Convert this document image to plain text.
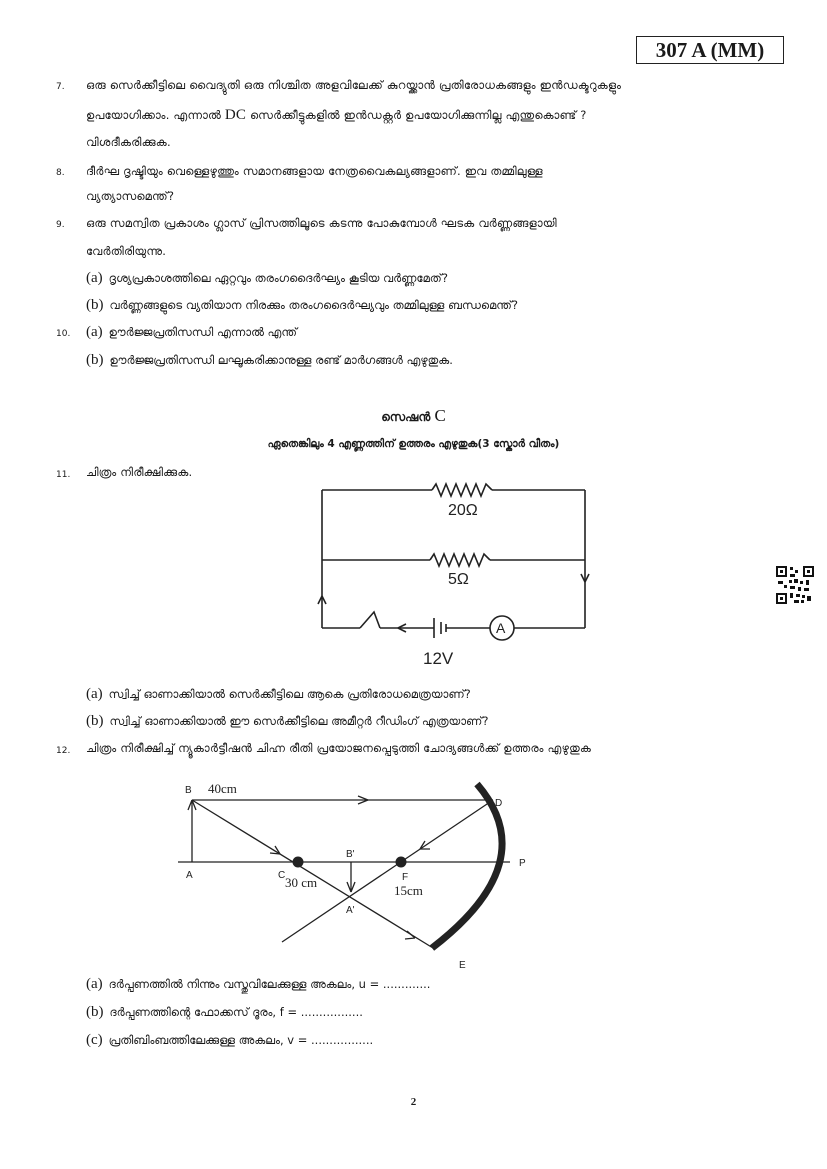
307 A (MM)
7. ഒരു സെർക്കീട്ടിലെ വൈദ്യുതി ഒരു നിശ്ചിത അളവിലേക്ക് കുറയ്ക്കാൻ പ്രതിരോധകങ്ങളും ഇൻഡക്ടറുകളും
ഉപയോഗിക്കാം. എന്നാൽ DC സെർക്കീട്ടുകളിൽ ഇൻഡക്റ്റർ ഉപയോഗിക്കുന്നില്ല എന്തുകൊണ്ട് ?
വിശദീകരിക്കുക.
8. ദീർഘ ദൃഷ്ടിയും വെള്ളെഴുത്തും സമാനങ്ങളായ നേത്രവൈകല്യങ്ങളാണ്. ഇവ തമ്മിലുള്ള
വ്യത്യാസമെന്ത്?
9. ഒരു സമന്വിത പ്രകാശം ഗ്ലാസ് പ്രിസത്തിലൂടെ കടന്നു പോകുമ്പോൾ ഘടക വർണ്ണങ്ങളായി
വേർതിരിയുന്നു.
(a) ദൃശ്യപ്രകാശത്തിലെ ഏറ്റവും തരംഗദൈർഘ്യം കൂടിയ വർണ്ണമേത്?
(b) വർണ്ണങ്ങളുടെ വ്യതിയാന നിരക്കും തരംഗദൈർഘ്യവും തമ്മിലുള്ള ബന്ധമെന്ത്?
10. (a) ഊർജ്ജപ്രതിസന്ധി എന്നാൽ എന്ത്
(b) ഊർജ്ജപ്രതിസന്ധി ലഘൂകരിക്കാനുള്ള രണ്ട് മാർഗങ്ങൾ എഴുതുക.
സെഷൻ C
ഏതെങ്കിലും 4 എണ്ണത്തിന് ഉത്തരം എഴുതുക(3 സ്കോർ വീതം)
11. ചിത്രം നിരീക്ഷിക്കുക.
20Ω
5Ω
12V
A
(a) സ്വിച്ച് ഓണാക്കിയാൽ സെർക്കീട്ടിലെ ആകെ പ്രതിരോധമെത്രയാണ്?
(b) സ്വിച്ച് ഓണാക്കിയാൽ ഈ സെർക്കീട്ടിലെ അമീറ്റർ റീഡിംഗ് എത്രയാണ്?
12. ചിത്രം നിരീക്ഷിച്ച് ന്യൂകാർട്ടീഷൻ ചിഹ്ന രീതി പ്രയോജനപ്പെടുത്തി ചോദ്യങ്ങൾക്ക് ഉത്തരം എഴുതുക
B
A	C	F
P
D
E
B'
A'
40cm
30 cm
15cm
(a) ദർപ്പണത്തിൽ നിന്നും വസ്തുവിലേക്കുള്ള അകലം, u = .............
(b) ദർപ്പണത്തിന്റെ ഫോക്കസ് ദൂരം, f = .................
(c) പ്രതിബിംബത്തിലേക്കുള്ള അകലം, v = .................
2
